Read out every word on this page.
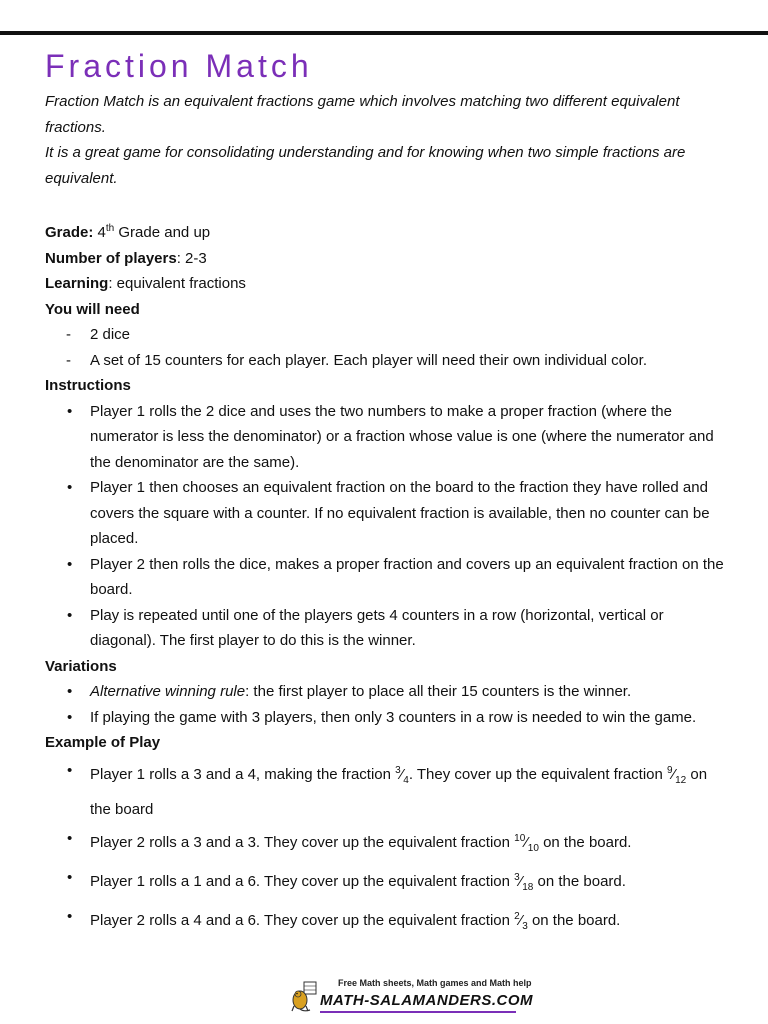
Fraction Match

Fraction Match is an equivalent fractions game which involves matching two different equivalent fractions.

It is a great game for consolidating understanding and for knowing when two simple fractions are equivalent.

Grade: 4th Grade and up
Number of players: 2-3
Learning: equivalent fractions
You will need
- 2 dice
- A set of 15 counters for each player. Each player will need their own individual color.
Instructions
• Player 1 rolls the 2 dice and uses the two numbers to make a proper fraction (where the numerator is less the denominator) or a fraction whose value is one (where the numerator and the denominator are the same).
• Player 1 then chooses an equivalent fraction on the board to the fraction they have rolled and covers the square with a counter. If no equivalent fraction is available, then no counter can be placed.
• Player 2 then rolls the dice, makes a proper fraction and covers up an equivalent fraction on the board.
• Play is repeated until one of the players gets 4 counters in a row (horizontal, vertical or diagonal). The first player to do this is the winner.
Variations
• Alternative winning rule: the first player to place all their 15 counters is the winner.
• If playing the game with 3 players, then only 3 counters in a row is needed to win the game.
Example of Play
• Player 1 rolls a 3 and a 4, making the fraction $^3⁄_4$. They cover up the equivalent fraction $^9⁄_{12}$ on the board
• Player 2 rolls a 3 and a 3. They cover up the equivalent fraction $^{10}⁄_{10}$ on the board.
• Player 1 rolls a 1 and a 6. They cover up the equivalent fraction $^3⁄_{18}$ on the board.
• Player 2 rolls a 4 and a 6. They cover up the equivalent fraction $^2⁄_3$ on the board.
Free Math sheets, Math games and Math help
MATH-SALAMANDERS.COM
